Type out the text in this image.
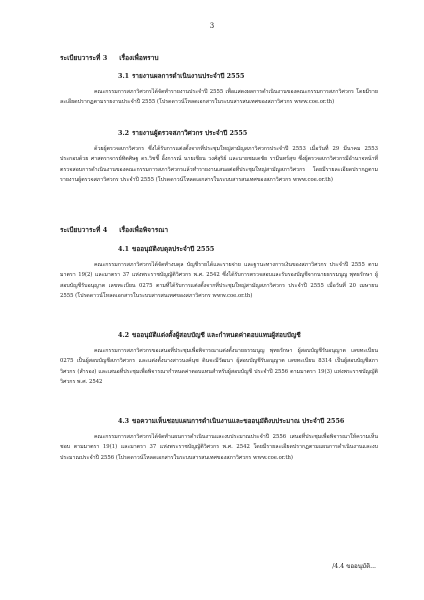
3
ระเบียบวาระที่ 3 เรื่องเพื่อทราบ
3.1 รายงานผลการดำเนินงานประจำปี 2555

คณะกรรมการสภาวิศวกรได้จัดทำรายงานประจำปี 2555 เพื่อแสดงผลการดำเนินงานของคณะกรรมการสภาวิศวกร โดยมีรายละเอียดปรากฏตามรายงานประจำปี 2555 (โปรดดาวน์โหลดเอกสารในระบบสารสนเทศของสภาวิศวกร www.coe.or.th)

3.2 รายงานผู้ตรวจสภาวิศวกร ประจำปี 2555

ด้วยผู้ตรวจสภาวิศวกร ซึ่งได้รับการแต่งตั้งจากที่ประชุมใหญ่สามัญสภาวิศวกรประจำปี 2553 เมื่อวันที่ 29 มีนาคม 2553 ประกอบด้วย ศาสตราจารย์ทิตศิษฐ ดร.วิชชี้ อิ้งการณ์ นายเชียน วงศ์สุริย์ และนายชมเดชัย รามีนทร์สุข ซึ่งผู้ตรวจสภาวิศวกรมีอำนาจหน้าที่ตรวจสอบการดำเนินงานของคณะกรรมการสภาวิศวกรแล้วทำรายงานเสนอต่อที่ประชุมใหญ่สามัญสภาวิศวกร โดยมีรายละเอียดปรากฏตามรายงานผู้ตรวจสภาวิศวกร ประจำปี 2555 (โปรดดาวน์โหลดเอกสารในระบบสารสนเทศของสภาวิศวกร www.coe.or.th)

ระเบียบวาระที่ 4 เรื่องเพื่อพิจารณา
4.1 ขออนุมัติงบดุลประจำปี 2555

คณะกรรมการสภาวิศวกรได้จัดทำงบดุล บัญชีรายได้และรายจ่าย และฐานะทางการเงินของสภาวิศวกร ประจำปี 2555 ตามมาตรา 19(2) และมาตรา 37 แห่งพระราชบัญญัติวิศวกร พ.ศ. 2542 ซึ่งได้รับการตรวจสอบและรับรองบัญชีจากนายธรรมนูญ พุทธรักษา ผู้สอบบัญชีรับอนุญาต เลขทะเบียน 0275 ตามที่ได้รับการแต่งตั้งจากที่ประชุมใหญ่สามัญสภาวิศวกร ประจำปี 2555 เมื่อวันที่ 20 เมษายน 2555 (โปรดดาวน์โหลดเอกสารในระบบสารสนเทศของสภาวิศวกร www.coe.or.th)

4.2 ขออนุมัติแต่งตั้งผู้สอบบัญชี และกำหนดค่าตอบแทนผู้สอบบัญชี

คณะกรรมการสภาวิศวกรขอเสนอที่ประชุมเพื่อพิจารณาแต่งตั้งนายธรรมนูญ พุทธรักษา ผู้สอบบัญชีรับอนุญาต เลขทะเบียน 0275 เป็นผู้สอบบัญชีสภาวิศวกร และแต่งตั้งนางสาวนงค์นุช ดินจะมีวัฒนา ผู้สอบบัญชีรับอนุญาต เลขทะเบียน 8314 เป็นผู้สอบบัญชีสภาวิศวกร (สำรอง) และเสนอที่ประชุมเพื่อพิจารณากำหนดค่าตอบแทนสำหรับผู้สอบบัญชี ประจำปี 2556 ตามมาตรา 19(3) แห่งพระราชบัญญัติวิศวกร พ.ศ. 2542

4.3 ขอความเห็นชอบแผนการดำเนินงานและขออนุมัติงบประมาณ ประจำปี 2556

คณะกรรมการสภาวิศวกรได้จัดทำแผนการดำเนินงานและงบประมาณประจำปี 2556 เสนอที่ประชุมเพื่อพิจารณาให้ความเห็นชอบ ตามมาตรา 19(1) และมาตรา 37 แห่งพระราชบัญญัติวิศวกร พ.ศ. 2542 โดยมีรายละเอียดปรากฏตามแผนการดำเนินงานและงบประมาณประจำปี 2556 (โปรดดาวน์โหลดเอกสารในระบบสารสนเทศของสภาวิศวกร www.coe.or.th)

/4.4 ขออนุมัติ...
